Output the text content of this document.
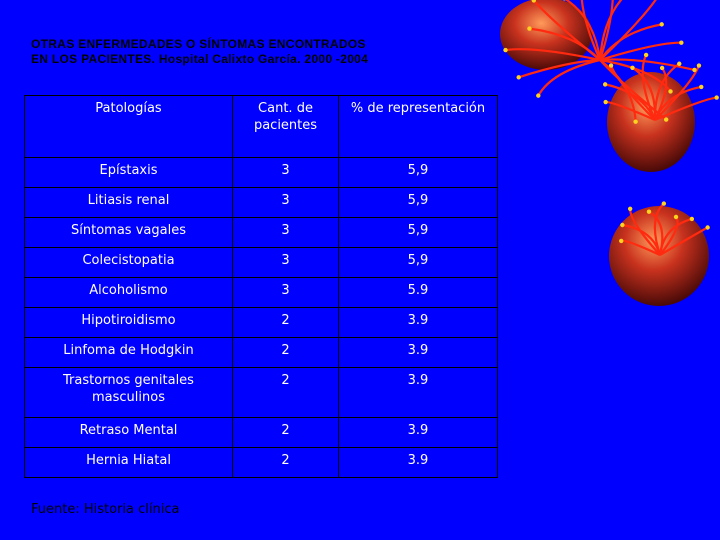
OTRAS ENFERMEDADES O SÍNTOMAS ENCONTRADOS
EN LOS PACIENTES. Hospital Calixto García. 2000 -2004
Patologías	Cant. de pacientes	% de representación
Epístaxis	3	5,9
Litiasis renal	3	5,9
Síntomas vagales	3	5,9
Colecistopatia	3	5,9
Alcoholismo	3	5.9
Hipotiroidismo	2	3.9
Linfoma de Hodgkin	2	3.9
Trastornos genitales masculinos	2	3.9
Retraso Mental	2	3.9
Hernia Hiatal	2	3.9
Fuente: Historia clínica
